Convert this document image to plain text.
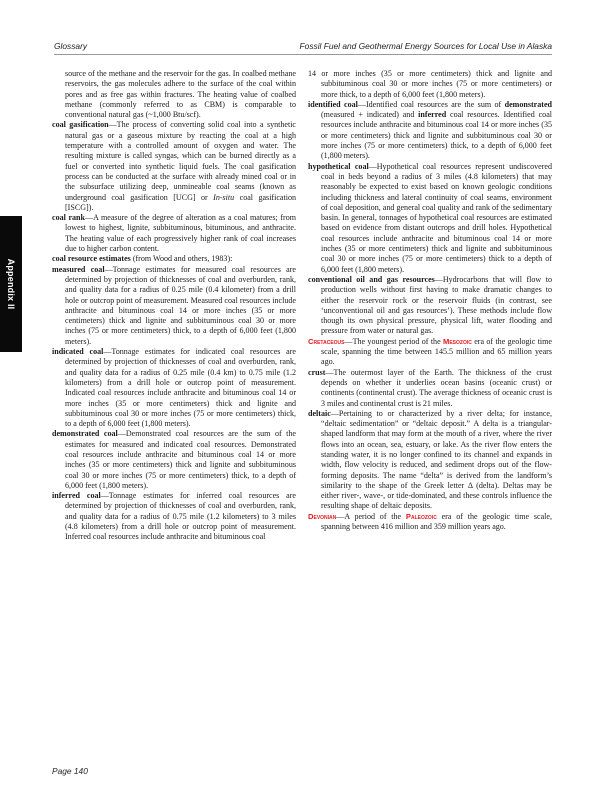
Glossary	Fossil Fuel and Geothermal Energy Sources for Local Use in Alaska
Appendix II

source of the methane and the reservoir for the gas. In coalbed methane reservoirs, the gas molecules adhere to the surface of the coal within pores and as free gas within fractures. The heating value of coalbed methane (commonly referred to as CBM) is comparable to conventional natural gas (~1,000 Btu/scf).

coal gasification—The process of converting solid coal into a synthetic natural gas or a gaseous mixture by reacting the coal at a high temperature with a controlled amount of oxygen and water. The resulting mixture is called syngas, which can be burned directly as a fuel or converted into synthetic liquid fuels. The coal gasification process can be conducted at the surface with already mined coal or in the subsurface utilizing deep, unmineable coal seams (known as underground coal gasification [UCG] or In-situ coal gasification [ISCG]).

coal rank—A measure of the degree of alteration as a coal matures; from lowest to highest, lignite, subbituminous, bituminous, and anthracite. The heating value of each progressively higher rank of coal increases due to higher carbon content.

coal resource estimates (from Wood and others, 1983):

measured coal—Tonnage estimates for measured coal resources are determined by projection of thicknesses of coal and overburden, rank, and quality data for a radius of 0.25 mile (0.4 kilometer) from a drill hole or outcrop point of measurement. Measured coal resources include anthracite and bituminous coal 14 or more inches (35 or more centimeters) thick and lignite and subbituminous coal 30 or more inches (75 or more centimeters) thick, to a depth of 6,000 feet (1,800 meters).

indicated coal—Tonnage estimates for indicated coal resources are determined by projection of thicknesses of coal and overburden, rank, and quality data for a radius of 0.25 mile (0.4 km) to 0.75 mile (1.2 kilometers) from a drill hole or outcrop point of measurement. Indicated coal resources include anthracite and bituminous coal 14 or more inches (35 or more centimeters) thick and lignite and subbituminous coal 30 or more inches (75 or more centimeters) thick, to a depth of 6,000 feet (1,800 meters).

demonstrated coal—Demonstrated coal resources are the sum of the estimates for measured and indicated coal resources. Demonstrated coal resources include anthracite and bituminous coal 14 or more inches (35 or more centimeters) thick and lignite and subbituminous coal 30 or more inches (75 or more centimeters) thick, to a depth of 6,000 feet (1,800 meters).

inferred coal—Tonnage estimates for inferred coal resources are determined by projection of thicknesses of coal and overburden, rank, and quality data for a radius of 0.75 mile (1.2 kilometers) to 3 miles (4.8 kilometers) from a drill hole or outcrop point of measurement. Inferred coal resources include anthracite and bituminous coal

14 or more inches (35 or more centimeters) thick and lignite and subbituminous coal 30 or more inches (75 or more centimeters) or more thick, to a depth of 6,000 feet (1,800 meters).

identified coal—Identified coal resources are the sum of demonstrated (measured + indicated) and inferred coal resources. Identified coal resources include anthracite and bituminous coal 14 or more inches (35 or more centimeters) thick and lignite and subbituminous coal 30 or more inches (75 or more centimeters) thick, to a depth of 6,000 feet (1,800 meters).

hypothetical coal—Hypothetical coal resources represent undiscovered coal in beds beyond a radius of 3 miles (4.8 kilometers) that may reasonably be expected to exist based on known geologic conditions including thickness and lateral continuity of coal seams, environment of coal deposition, and general coal quality and rank of the sedimentary basin. In general, tonnages of hypothetical coal resources are estimated based on evidence from distant outcrops and drill holes. Hypothetical coal resources include anthracite and bituminous coal 14 or more inches (35 or more centimeters) thick and lignite and subbituminous coal 30 or more inches (75 or more centimeters) thick to a depth of 6,000 feet (1,800 meters).

conventional oil and gas resources—Hydrocarbons that will flow to production wells without first having to make dramatic changes to either the reservoir rock or the reservoir fluids (in contrast, see ‘unconventional oil and gas resources’). These methods include flow though its own physical pressure, physical lift, water flooding and pressure from water or natural gas.

Cretaceous—The youngest period of the Mesozoic era of the geologic time scale, spanning the time between 145.5 million and 65 million years ago.

crust—The outermost layer of the Earth. The thickness of the crust depends on whether it underlies ocean basins (oceanic crust) or continents (continental crust). The average thickness of oceanic crust is 3 miles and continental crust is 21 miles.

deltaic—Pertaining to or characterized by a river delta; for instance, “deltaic sedimentation” or “deltaic deposit.” A delta is a triangular-shaped landform that may form at the mouth of a river, where the river flows into an ocean, sea, estuary, or lake. As the river flow enters the standing water, it is no longer confined to its channel and expands in width, flow velocity is reduced, and sediment drops out of the flow-forming deposits. The name “delta” is derived from the landform’s similarity to the shape of the Greek letter Δ (delta). Deltas may be either river-, wave-, or tide-dominated, and these controls influence the resulting shape of deltaic deposits.

Devonian—A period of the Paleozoic era of the geologic time scale, spanning between 416 million and 359 million years ago.

Page 140
